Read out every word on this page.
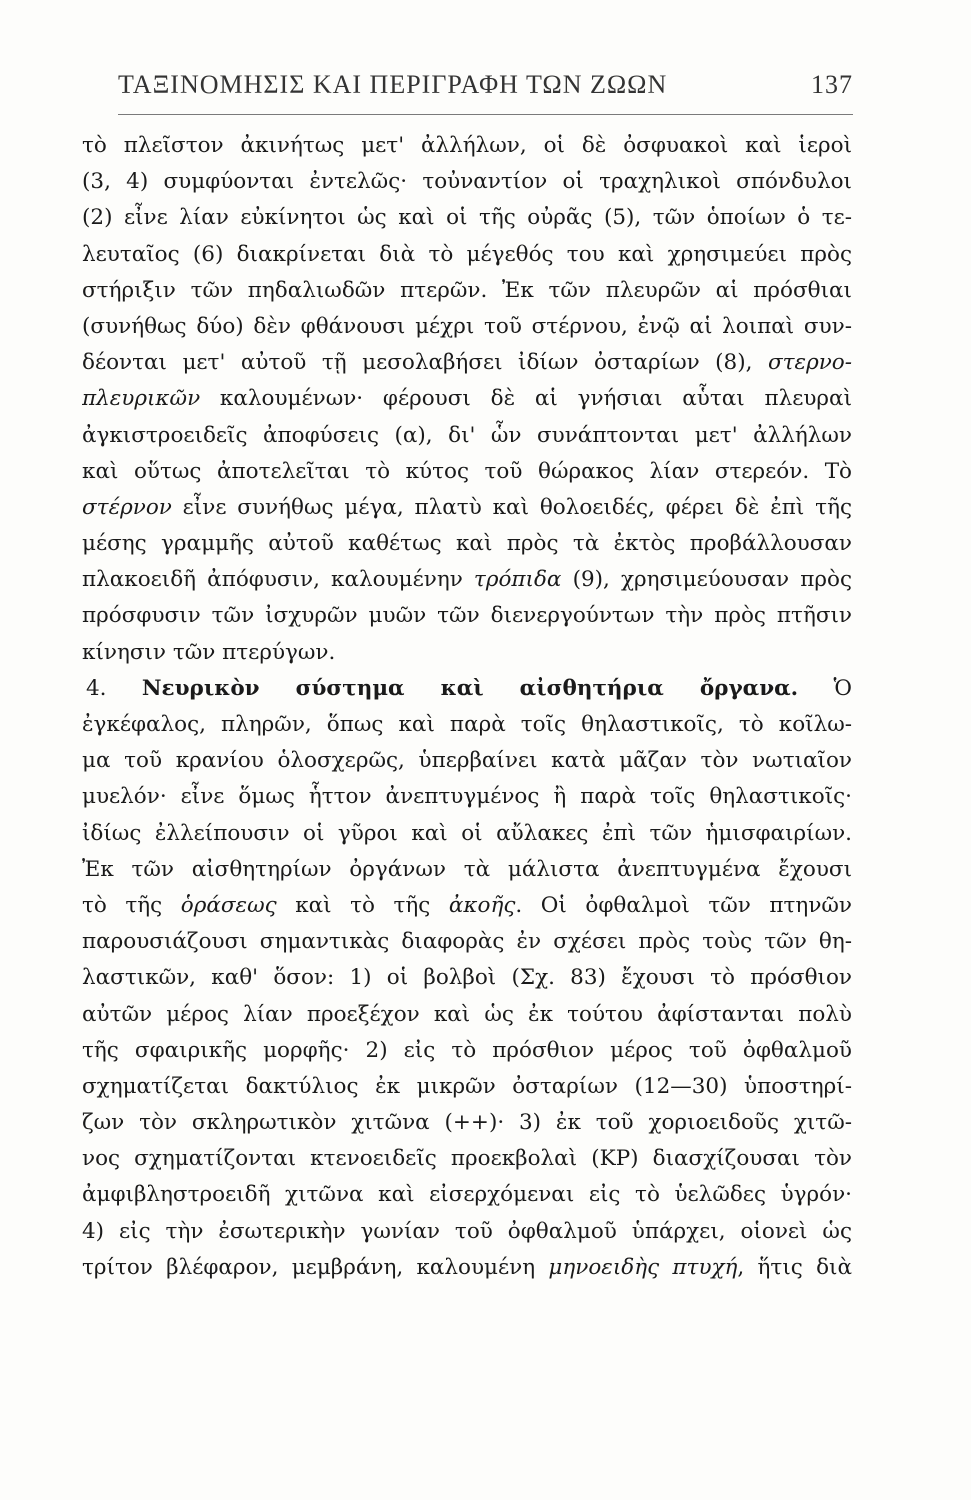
ΤΑΞΙΝΟΜΗΣΙΣ ΚΑΙ ΠΕΡΙΓΡΑΦΗ ΤΩΝ ΖΩΩΝ	137
τὸ πλεῖστον ἀκινήτως μετ' ἀλλήλων, οἱ δὲ ὀσφυακοὶ καὶ ἱεροὶ
(3, 4) συμφύονται ἐντελῶς· τοὐναντίον οἱ τραχηλικοὶ σπόνδυλοι
(2) εἶνε λίαν εὐκίνητοι ὡς καὶ οἱ τῆς οὐρᾶς (5), τῶν ὁποίων ὁ τε-
λευταῖος (6) διακρίνεται διὰ τὸ μέγεθός του καὶ χρησιμεύει πρὸς
στήριξιν τῶν πηδαλιωδῶν πτερῶν. Ἐκ τῶν πλευρῶν αἱ πρόσθιαι
(συνήθως δύο) δὲν φθάνουσι μέχρι τοῦ στέρνου, ἐνῷ αἱ λοιπαὶ συν-
δέονται μετ' αὐτοῦ τῇ μεσολαβήσει ἰδίων ὀσταρίων (8), στερνο-
πλευρικῶν καλουμένων· φέρουσι δὲ αἱ γνήσιαι αὗται πλευραὶ
ἀγκιστροειδεῖς ἀποφύσεις (α), δι' ὧν συνάπτονται μετ' ἀλλήλων
καὶ οὕτως ἀποτελεῖται τὸ κύτος τοῦ θώρακος λίαν στερεόν. Τὸ
στέρνον εἶνε συνήθως μέγα, πλατὺ καὶ θολοειδές, φέρει δὲ ἐπὶ τῆς
μέσης γραμμῆς αὐτοῦ καθέτως καὶ πρὸς τὰ ἐκτὸς προβάλλουσαν
πλακοειδῆ ἀπόφυσιν, καλουμένην τρόπιδα (9), χρησιμεύουσαν πρὸς
πρόσφυσιν τῶν ἰσχυρῶν μυῶν τῶν διενεργούντων τὴν πρὸς πτῆσιν
κίνησιν τῶν πτερύγων.
4. Νευρικὸν σύστημα καὶ αἰσθητήρια ὄργανα. Ὁ
ἐγκέφαλος, πληρῶν, ὅπως καὶ παρὰ τοῖς θηλαστικοῖς, τὸ κοῖλω-
μα τοῦ κρανίου ὁλοσχερῶς, ὑπερβαίνει κατὰ μᾶζαν τὸν νωτιαῖον
μυελόν· εἶνε ὅμως ἧττον ἀνεπτυγμένος ἢ παρὰ τοῖς θηλαστικοῖς·
ἰδίως ἐλλείπουσιν οἱ γῦροι καὶ οἱ αὔλακες ἐπὶ τῶν ἡμισφαιρίων.
Ἐκ τῶν αἰσθητηρίων ὀργάνων τὰ μάλιστα ἀνεπτυγμένα ἔχουσι
τὸ τῆς ὁράσεως καὶ τὸ τῆς ἀκοῆς. Οἱ ὀφθαλμοὶ τῶν πτηνῶν
παρουσιάζουσι σημαντικὰς διαφορὰς ἐν σχέσει πρὸς τοὺς τῶν θη-
λαστικῶν, καθ' ὅσον: 1) οἱ βολβοὶ (Σχ. 83) ἔχουσι τὸ πρόσθιον
αὐτῶν μέρος λίαν προεξέχον καὶ ὡς ἐκ τούτου ἀφίστανται πολὺ
τῆς σφαιρικῆς μορφῆς· 2) εἰς τὸ πρόσθιον μέρος τοῦ ὀφθαλμοῦ
σχηματίζεται δακτύλιος ἐκ μικρῶν ὀσταρίων (12—30) ὑποστηρί-
ζων τὸν σκληρωτικὸν χιτῶνα (++)· 3) ἐκ τοῦ χοριοειδοῦς χιτῶ-
νος σχηματίζονται κτενοειδεῖς προεκβολαὶ (ΚΡ) διασχίζουσαι τὸν
ἀμφιβληστροειδῆ χιτῶνα καὶ εἰσερχόμεναι εἰς τὸ ὑελῶδες ὑγρόν·
4) εἰς τὴν ἐσωτερικὴν γωνίαν τοῦ ὀφθαλμοῦ ὑπάρχει, οἱονεὶ ὡς
τρίτον βλέφαρον, μεμβράνη, καλουμένη μηνοειδὴς πτυχή, ἥτις διὰ
